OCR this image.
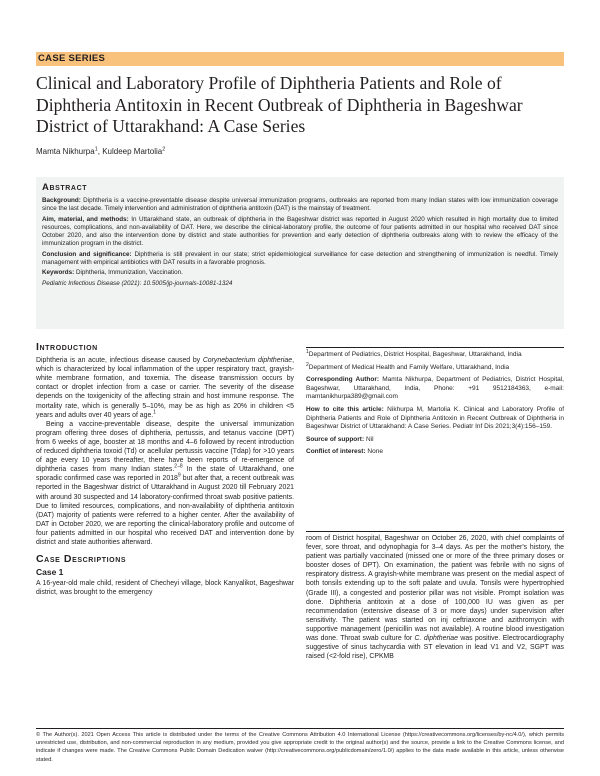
CASE SERIES
Clinical and Laboratory Profile of Diphtheria Patients and Role of Diphtheria Antitoxin in Recent Outbreak of Diphtheria in Bageshwar District of Uttarakhand: A Case Series
Mamta Nikhurpa$^1$, Kuldeep Martolia$^2$
Abstract

Background: Diphtheria is a vaccine-preventable disease despite universal immunization programs, outbreaks are reported from many Indian states with low immunization coverage since the last decade. Timely intervention and administration of diphtheria antitoxin (DAT) is the mainstay of treatment.

Aim, material, and methods: In Uttarakhand state, an outbreak of diphtheria in the Bageshwar district was reported in August 2020 which resulted in high mortality due to limited resources, complications, and non-availability of DAT. Here, we describe the clinical-laboratory profile, the outcome of four patients admitted in our hospital who received DAT since October 2020, and also the intervention done by district and state authorities for prevention and early detection of diphtheria outbreaks along with to review the efficacy of the immunization program in the district.

Conclusion and significance: Diphtheria is still prevalent in our state; strict epidemiological surveillance for case detection and strengthening of immunization is needful. Timely management with empirical antibiotics with DAT results in a favorable prognosis.

Keywords: Diphtheria, Immunization, Vaccination.

Pediatric Infectious Disease (2021): 10.5005/jp-journals-10081-1324

Introduction

Diphtheria is an acute, infectious disease caused by Corynebacterium diphtheriae, which is characterized by local inflammation of the upper respiratory tract, grayish-white membrane formation, and toxemia. The disease transmission occurs by contact or droplet infection from a case or carrier. The severity of the disease depends on the toxigenicity of the affecting strain and host immune response. The mortality rate, which is generally 5–10%, may be as high as 20% in children <5 years and adults over 40 years of age.$^1$

Being a vaccine-preventable disease, despite the universal immunization program offering three doses of diphtheria, pertussis, and tetanus vaccine (DPT) from 6 weeks of age, booster at 18 months and 4–6 followed by recent introduction of reduced diphtheria toxoid (Td) or acellular pertussis vaccine (Tdap) for >10 years of age every 10 years thereafter, there have been reports of re-emergence of diphtheria cases from many Indian states.$^{2-8}$ In the state of Uttarakhand, one sporadic confirmed case was reported in 2018$^9$ but after that, a recent outbreak was reported in the Bageshwar district of Uttarakhand in August 2020 till February 2021 with around 30 suspected and 14 laboratory-confirmed throat swab positive patients. Due to limited resources, complications, and non-availability of diphtheria antitoxin (DAT) majority of patients were referred to a higher center. After the availability of DAT in October 2020, we are reporting the clinical-laboratory profile and outcome of four patients admitted in our hospital who received DAT and intervention done by district and state authorities afterward.

Case Descriptions
Case 1

A 16-year-old male child, resident of Checheyi village, block Kanyalikot, Bageshwar district, was brought to the emergency

$^1$Department of Pediatrics, District Hospital, Bageshwar, Uttarakhand, India

$^2$Department of Medical Health and Family Welfare, Uttarakhand, India

Corresponding Author: Mamta Nikhurpa, Department of Pediatrics, District Hospital, Bageshwar, Uttarakhand, India, Phone: +91 9512184363, e-mail: mamtanikhurpa389@gmail.com

How to cite this article: Nikhurpa M, Martolia K. Clinical and Laboratory Profile of Diphtheria Patients and Role of Diphtheria Antitoxin in Recent Outbreak of Diphtheria in Bageshwar District of Uttarakhand: A Case Series. Pediatr Inf Dis 2021;3(4):156–159.

Source of support: Nil

Conflict of interest: None

room of District hospital, Bageshwar on October 26, 2020, with chief complaints of fever, sore throat, and odynophagia for 3–4 days. As per the mother's history, the patient was partially vaccinated (missed one or more of the three primary doses or booster doses of DPT). On examination, the patient was febrile with no signs of respiratory distress. A grayish-white membrane was present on the medial aspect of both tonsils extending up to the soft palate and uvula. Tonsils were hypertrophied (Grade III), a congested and posterior pillar was not visible. Prompt isolation was done. Diphtheria antitoxin at a dose of 100,000 IU was given as per recommendation (extensive disease of 3 or more days) under supervision after sensitivity. The patient was started on inj ceftriaxone and azithromycin with supportive management (penicillin was not available). A routine blood investigation was done. Throat swab culture for C. diphtheriae was positive. Electrocardiography suggestive of sinus tachycardia with ST elevation in lead V1 and V2, SGPT was raised (<2-fold rise), CPKMB

© The Author(s). 2021 Open Access This article is distributed under the terms of the Creative Commons Attribution 4.0 International License (https://creativecommons.org/licenses/by-nc/4.0/), which permits unrestricted use, distribution, and non-commercial reproduction in any medium, provided you give appropriate credit to the original author(s) and the source, provide a link to the Creative Commons license, and indicate if changes were made. The Creative Commons Public Domain Dedication waiver (http://creativecommons.org/publicdomain/zero/1.0/) applies to the data made available in this article, unless otherwise stated.
